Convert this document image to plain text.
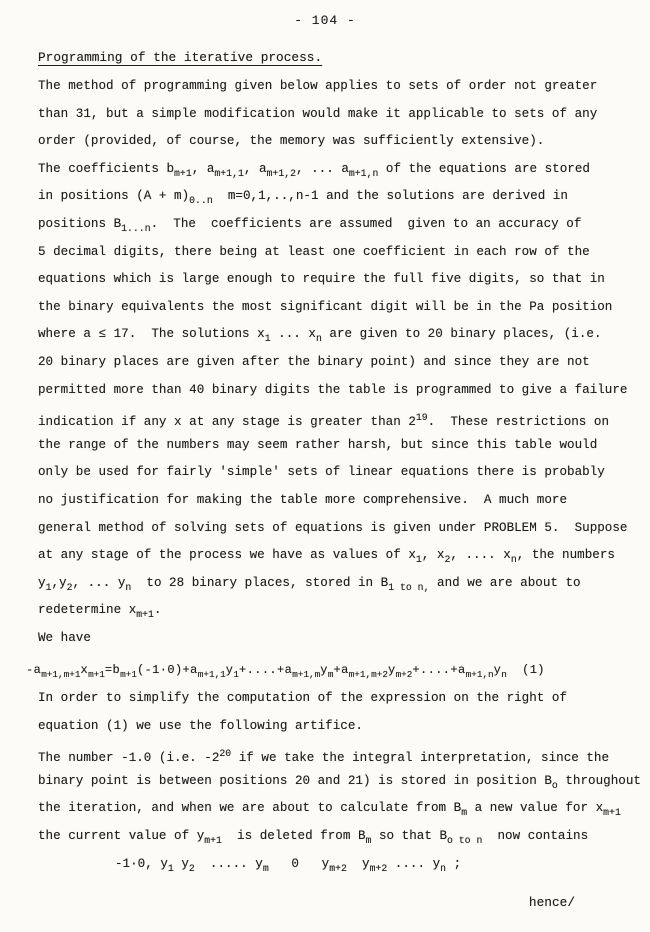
- 104 -
Programming of the iterative process.
The method of programming given below applies to sets of order not greater
than 31, but a simple modification would make it applicable to sets of any
order (provided, of course, the memory was sufficiently extensive).
The coefficients $b_{m+1}$, $a_{m+1,1}$, $a_{m+1,2}$, ... $a_{m+1,n}$ of the equations are stored
in positions $(A + m)_{0..n}$  m=0,1,..,n-1 and the solutions are derived in
positions $B_{1...n}$.  The  coefficients are assumed  given to an accuracy of
5 decimal digits, there being at least one coefficient in each row of the
equations which is large enough to require the full five digits, so that in
the binary equivalents the most significant digit will be in the Pa position
where a ≤ 17.  The solutions $x_1$ ... $x_n$ are given to 20 binary places, (i.e.
20 binary places are given after the binary point) and since they are not
permitted more than 40 binary digits the table is programmed to give a failure
indication if any x at any stage is greater than $2^{19}$.  These restrictions on
the range of the numbers may seem rather harsh, but since this table would
only be used for fairly 'simple' sets of linear equations there is probably
no justification for making the table more comprehensive.  A much more
general method of solving sets of equations is given under PROBLEM 5.  Suppose
at any stage of the process we have as values of $x_1$, $x_2$, .... $x_n$, the numbers
$y_1,y_2$, ... $y_n$  to 28 binary places, stored in $B_{1 to n,}$ and we are about to
redetermine $x_{m+1}$.
We have
$-a_{m+1,m+1}x_{m+1}=b_{m+1}(-1\cdot 0)+a_{m+1,1}y_1+....+a_{m+1,m}y_m+a_{m+1,m+2}y_{m+2}+....+a_{m+1,n}y_n$  (1)
In order to simplify the computation of the expression on the right of
equation (1) we use the following artifice.
The number -1.0 (i.e. $-2^{20}$ if we take the integral interpretation, since the
binary point is between positions 20 and 21) is stored in position $B_o$ throughout
the iteration, and when we are about to calculate from $B_m$ a new value for $x_{m+1}$
the current value of $y_{m+1}$  is deleted from $B_m$ so that $B_{o to n}$  now contains
-1·0, $y_1$ $y_2$  ..... $y_m$   0   $y_{m+2}$  $y_{m+2}$ .... $y_n$ ;
hence/
